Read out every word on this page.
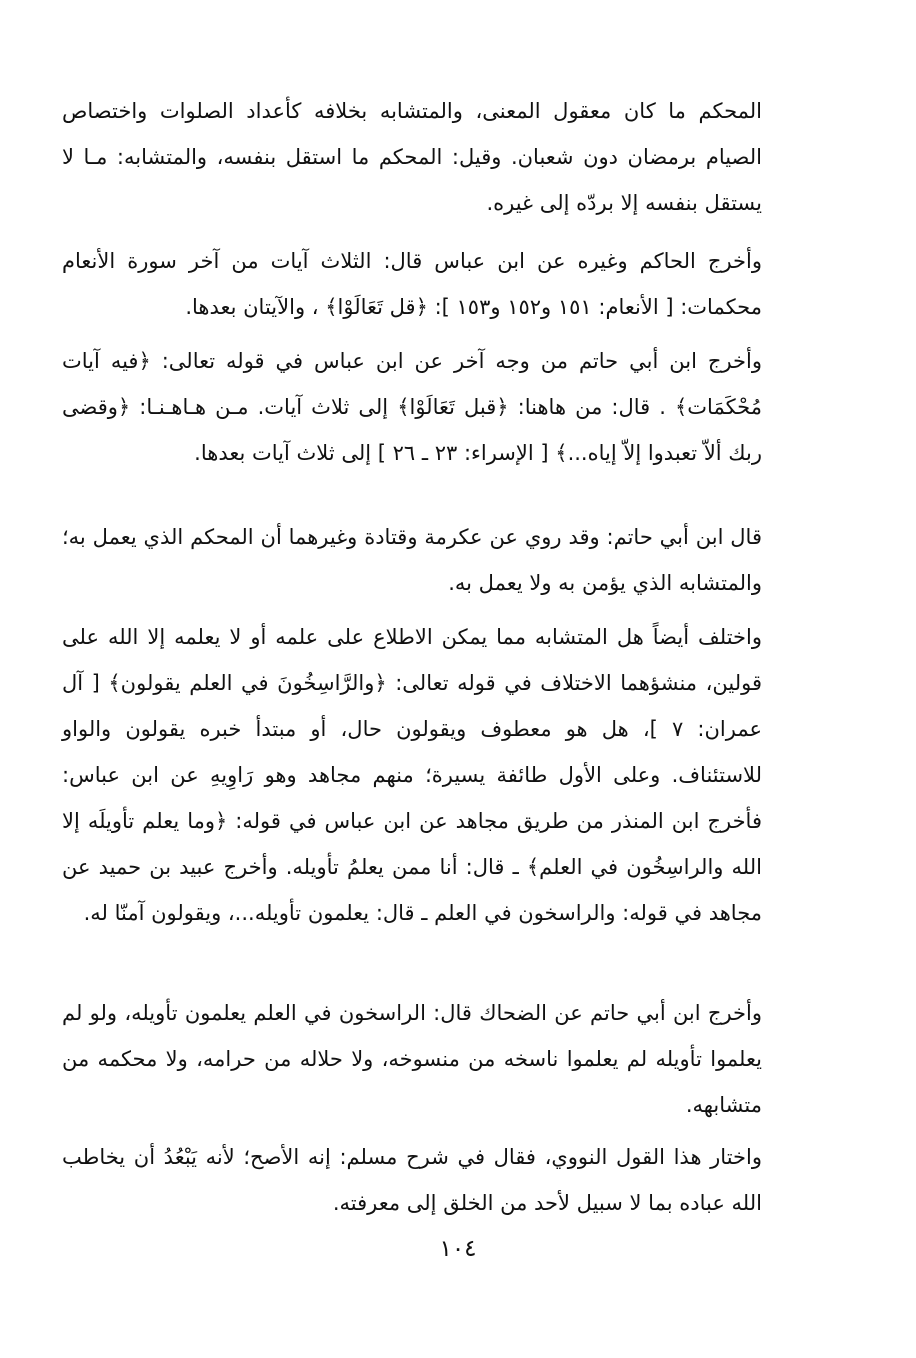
المحكم ما كان معقول المعنى، والمتشابه بخلافه كأعداد الصلوات واختصاص الصيام برمضان دون شعبان. وقيل: المحكم ما استقل بنفسه، والمتشابه: مـا لا يستقل بنفسه إلا بردّه إلى غيره.

وأخرج الحاكم وغيره عن ابن عباس قال: الثلاث آيات من آخر سورة الأنعام محكمات: [ الأنعام: ١٥١ و١٥٢ و١٥٣ ]: ﴿قل تَعَالَوْا﴾ ، والآيتان بعدها.

وأخرج ابن أبي حاتم من وجه آخر عن ابن عباس في قوله تعالى: ﴿فيه آيات مُحْكَمَات﴾ . قال: من هاهنا: ﴿قبل تَعَالَوْا﴾ إلى ثلاث آيات. مـن هـاهـنـا: ﴿وقضى ربك ألاّ تعبدوا إلاّ إياه...﴾ [ الإسراء: ٢٣ ـ ٢٦ ] إلى ثلاث آيات بعدها.

قال ابن أبي حاتم: وقد روي عن عكرمة وقتادة وغيرهما أن المحكم الذي يعمل به؛ والمتشابه الذي يؤمن به ولا يعمل به.

واختلف أيضاً هل المتشابه مما يمكن الاطلاع على علمه أو لا يعلمه إلا الله على قولين، منشؤهما الاختلاف في قوله تعالى: ﴿والرَّاسِخُونَ في العلم يقولون﴾ [ آل عمران: ٧ ]، هل هو معطوف ويقولون حال، أو مبتدأ خبره يقولون والواو للاستئناف. وعلى الأول طائفة يسيرة؛ منهم مجاهد وهو رَاوِيهِ عن ابن عباس: فأخرج ابن المنذر من طريق مجاهد عن ابن عباس في قوله: ﴿وما يعلم تأويلَه إلا الله والراسِخُون في العلم﴾ ـ قال: أنا ممن يعلمُ تأويله. وأخرج عبيد بن حميد عن مجاهد في قوله: والراسخون في العلم ـ قال: يعلمون تأويله...، ويقولون آمنّا له.

وأخرج ابن أبي حاتم عن الضحاك قال: الراسخون في العلم يعلمون تأويله، ولو لم يعلموا تأويله لم يعلموا ناسخه من منسوخه، ولا حلاله من حرامه، ولا محكمه من متشابهه.

واختار هذا القول النووي، فقال في شرح مسلم: إنه الأصح؛ لأنه يَبْعُدُ أن يخاطب الله عباده بما لا سبيل لأحد من الخلق إلى معرفته.

١٠٤
